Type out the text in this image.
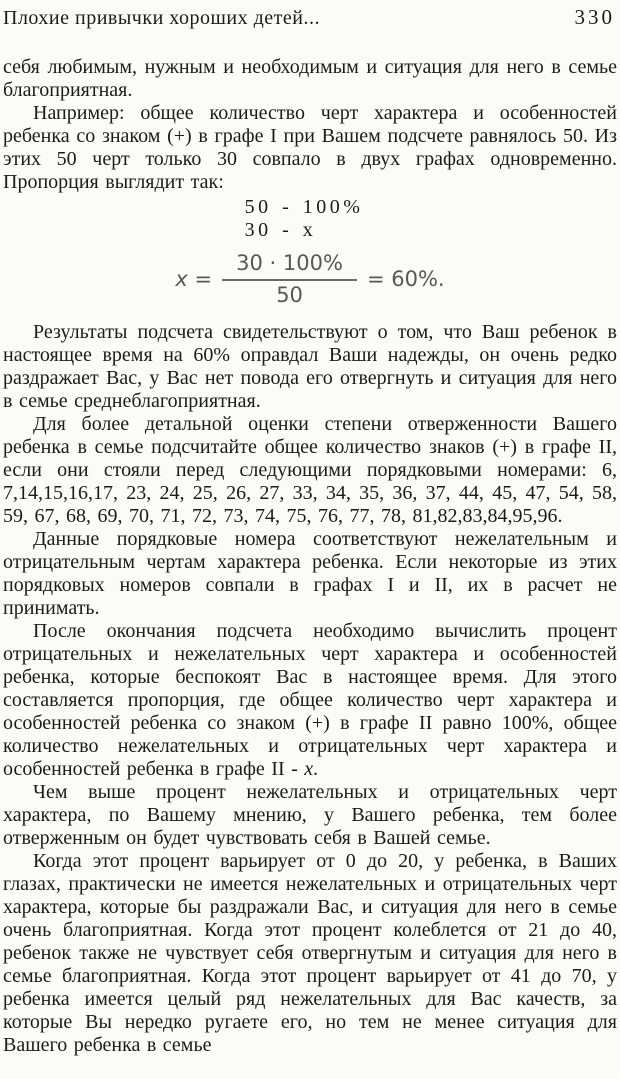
Плохие привычки хороших детей...	330

себя любимым, нужным и необходимым и ситуация для него в семье благоприятная.

Например: общее количество черт характера и особенностей ребенка со знаком (+) в графе I при Вашем подсчете равнялось 50. Из этих 50 черт только 30 совпало в двух графах одновременно. Пропорция выглядит так:

50 - 100%
30 - x
$x = \frac{30 \cdot 100\%}{50} = 60\%$.

Результаты подсчета свидетельствуют о том, что Ваш ребенок в настоящее время на 60% оправдал Ваши надежды, он очень редко раздражает Вас, у Вас нет повода его отвергнуть и ситуация для него в семье среднеблагоприятная.

Для более детальной оценки степени отверженности Вашего ребенка в семье подсчитайте общее количество знаков (+) в графе II, если они стояли перед следующими порядковыми номерами: 6, 7,14,15,16,17, 23, 24, 25, 26, 27, 33, 34, 35, 36, 37, 44, 45, 47, 54, 58, 59, 67, 68, 69, 70, 71, 72, 73, 74, 75, 76, 77, 78, 81,82,83,84,95,96.

Данные порядковые номера соответствуют нежелательным и отрицательным чертам характера ребенка. Если некоторые из этих порядковых номеров совпали в графах I и II, их в расчет не принимать.

После окончания подсчета необходимо вычислить процент отрицательных и нежелательных черт характера и особенностей ребенка, которые беспокоят Вас в настоящее время. Для этого составляется пропорция, где общее количество черт характера и особенностей ребенка со знаком (+) в графе II равно 100%, общее количество нежелательных и отрицательных черт характера и особенностей ребенка в графе II - x.

Чем выше процент нежелательных и отрицательных черт характера, по Вашему мнению, у Вашего ребенка, тем более отверженным он будет чувствовать себя в Вашей семье.

Когда этот процент варьирует от 0 до 20, у ребенка, в Ваших глазах, практически не имеется нежелательных и отрицательных черт характера, которые бы раздражали Вас, и ситуация для него в семье очень благоприятная. Когда этот процент колеблется от 21 до 40, ребенок также не чувствует себя отвергнутым и ситуация для него в семье благоприятная. Когда этот процент варьирует от 41 до 70, у ребенка имеется целый ряд нежелательных для Вас качеств, за которые Вы нередко ругаете его, но тем не менее ситуация для Вашего ребенка в семье
